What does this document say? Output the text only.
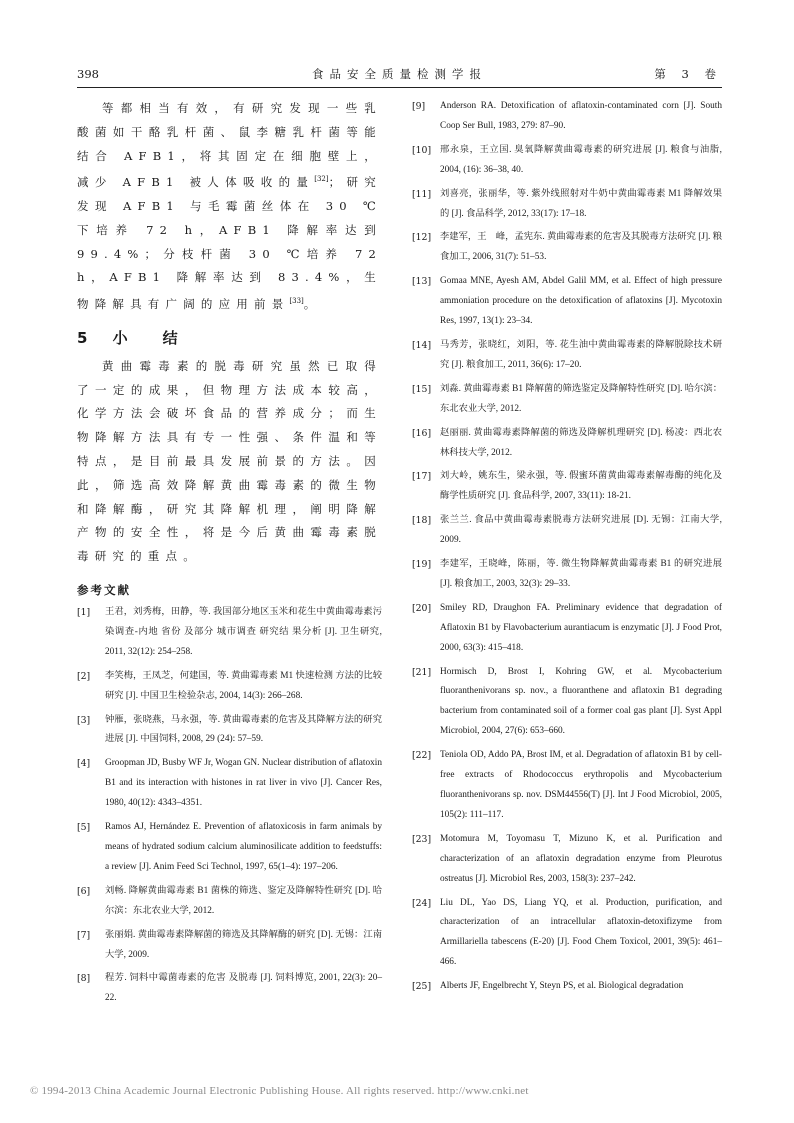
398	食品安全质量检测学报	第 3 卷

等都相当有效，有研究发现一些乳酸菌如干酪乳杆菌、鼠李糖乳杆菌等能结合 AFB1，将其固定在细胞壁上，减少 AFB1 被人体吸收的量[32]；研究发现 AFB1 与毛霉菌丝体在 30 ℃下培养 72 h，AFB1 降解率达到 99.4%；分枝杆菌 30 ℃培养 72 h，AFB1 降解率达到 83.4%，生物降解具有广阔的应用前景[33]。

5 小　结

黄曲霉毒素的脱毒研究虽然已取得了一定的成果，但物理方法成本较高，化学方法会破坏食品的营养成分；而生物降解方法具有专一性强、条件温和等特点，是目前最具发展前景的方法。因此，筛选高效降解黄曲霉毒素的微生物和降解酶，研究其降解机理，阐明降解产物的安全性，将是今后黄曲霉毒素脱毒研究的重点。

参考文献
[1]	王君，刘秀梅，田静，等. 我国部分地区玉米和花生中黄曲霉毒素污染调查-内地 省份 及部分 城市调查 研究结 果分析 [J]. 卫生研究, 2011, 32(12): 254–258.
[2]	李笑梅，王凤芝，何建国，等. 黄曲霉毒素 M1 快速检测 方法的比较研究 [J]. 中国卫生检验杂志, 2004, 14(3): 266–268.
[3]	钟雁，张晓燕，马永强，等. 黄曲霉毒素的危害及其降解方法的研究进展 [J]. 中国饲料, 2008, 29 (24): 57–59.
[4]	Groopman JD, Busby WF Jr, Wogan GN. Nuclear distribution of aflatoxin B1 and its interaction with histones in rat liver in vivo [J]. Cancer Res, 1980, 40(12): 4343–4351.
[5]	Ramos AJ, Hernández E. Prevention of aflatoxicosis in farm animals by means of hydrated sodium calcium aluminosilicate addition to feedstuffs: a review [J]. Anim Feed Sci Technol, 1997, 65(1–4): 197–206.
[6]	刘畅. 降解黄曲霉毒素 B1 菌株的筛选、鉴定及降解特性研究 [D]. 哈尔滨：东北农业大学, 2012.
[7]	张丽娟. 黄曲霉毒素降解菌的筛选及其降解酶的研究 [D]. 无锡：江南大学, 2009.
[8]	程芳. 饲料中霉菌毒素的危害 及脱毒 [J]. 饲料博览, 2001, 22(3): 20–22.
[9]	Anderson RA. Detoxification of aflatoxin-contaminated corn [J]. South Coop Ser Bull, 1983, 279: 87–90.
[10] 邢永泉，王立国. 臭氧降解黄曲霉毒素的研究进展 [J]. 粮食与油脂, 2004, (16): 36–38, 40.
[11] 刘喜亮，张丽华，等. 紫外线照射对牛奶中黄曲霉毒素 M1 降解效果的 [J]. 食品科学, 2012, 33(17): 17–18.
[12] 李建军，王　峰，孟宪东. 黄曲霉毒素的危害及其脱毒方法研究 [J]. 粮食加工, 2006, 31(7): 51–53.
[13] Gomaa MNE, Ayesh AM, Abdel Galil MM, et al. Effect of high pressure ammoniation procedure on the detoxification of aflatoxins [J]. Mycotoxin Res, 1997, 13(1): 23–34.
[14] 马秀芳，张晓红，刘阳，等. 花生油中黄曲霉毒素的降解脱除技术研究 [J]. 粮食加工, 2011, 36(6): 17–20.
[15] 刘淼. 黄曲霉毒素 B1 降解菌的筛选鉴定及降解特性研究 [D]. 哈尔滨：东北农业大学, 2012.
[16] 赵丽丽. 黄曲霉毒素降解菌的筛选及降解机理研究 [D]. 杨凌：西北农林科技大学, 2012.
[17] 刘大岭，姚东生，梁永强，等. 假蜜环菌黄曲霉毒素解毒酶的纯化及酶学性质研究 [J]. 食品科学, 2007, 33(11): 18-21.
[18] 张兰兰. 食品中黄曲霉毒素脱毒方法研究进展 [D]. 无锡：江南大学, 2009.
[19] 李建军，王晓峰，陈丽，等. 微生物降解黄曲霉毒素 B1 的研究进展 [J]. 粮食加工, 2003, 32(3): 29–33.
[20] Smiley RD, Draughon FA. Preliminary evidence that degradation of Aflatoxin B1 by Flavobacterium aurantiacum is enzymatic [J]. J Food Prot, 2000, 63(3): 415–418.
[21] Hormisch D, Brost I, Kohring GW, et al. Mycobacterium fluoranthenivorans sp. nov., a fluoranthene and aflatoxin B1 degrading bacterium from contaminated soil of a former coal gas plant [J]. Syst Appl Microbiol, 2004, 27(6): 653–660.
[22] Teniola OD, Addo PA, Brost IM, et al. Degradation of aflatoxin B1 by cell-free extracts of Rhodococcus erythropolis and Mycobacterium fluoranthenivorans sp. nov. DSM44556(T) [J]. Int J Food Microbiol, 2005, 105(2): 111–117.
[23] Motomura M, Toyomasu T, Mizuno K, et al. Purification and characterization of an aflatoxin degradation enzyme from Pleurotus ostreatus [J]. Microbiol Res, 2003, 158(3): 237–242.
[24] Liu DL, Yao DS, Liang YQ, et al. Production, purification, and characterization of an intracellular aflatoxin-detoxifizyme from Armillariella tabescens (E-20) [J]. Food Chem Toxicol, 2001, 39(5): 461–466.
[25] Alberts JF, Engelbrecht Y, Steyn PS, et al. Biological degradation
© 1994-2013 China Academic Journal Electronic Publishing House. All rights reserved. http://www.cnki.net
